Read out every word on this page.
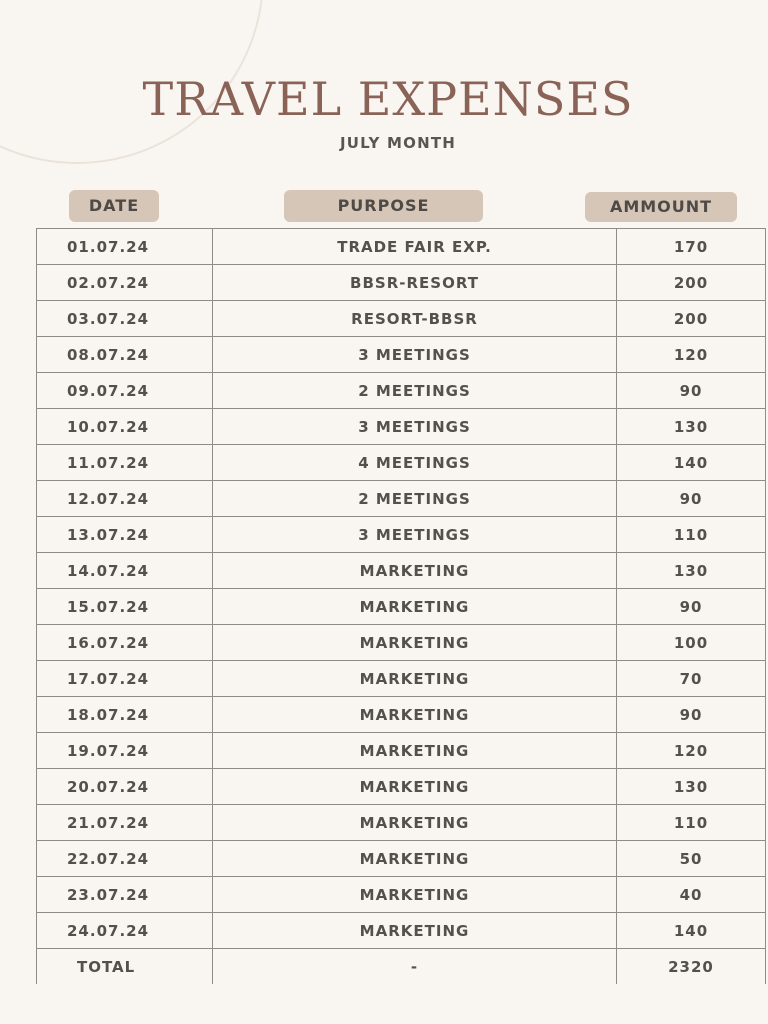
TRAVEL EXPENSES
JULY MONTH
DATE	PURPOSE	AMMOUNT
01.07.24	TRADE FAIR EXP.	170
02.07.24	BBSR-RESORT	200
03.07.24	RESORT-BBSR	200
08.07.24	3 MEETINGS	120
09.07.24	2 MEETINGS	90
10.07.24	3 MEETINGS	130
11.07.24	4 MEETINGS	140
12.07.24	2 MEETINGS	90
13.07.24	3 MEETINGS	110
14.07.24	MARKETING	130
15.07.24	MARKETING	90
16.07.24	MARKETING	100
17.07.24	MARKETING	70
18.07.24	MARKETING	90
19.07.24	MARKETING	120
20.07.24	MARKETING	130
21.07.24	MARKETING	110
22.07.24	MARKETING	50
23.07.24	MARKETING	40
24.07.24	MARKETING	140
TOTAL	-	2320
